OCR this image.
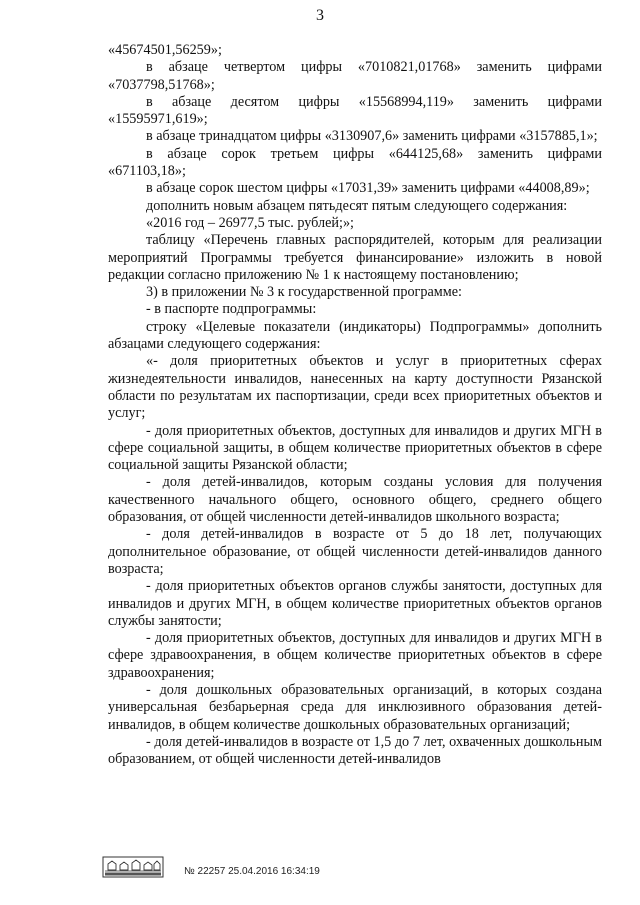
3

«45674501,56259»;

в абзаце четвертом цифры «7010821,01768» заменить цифрами «7037798,51768»;

в абзаце десятом цифры «15568994,119» заменить цифрами «15595971,619»;

в абзаце тринадцатом цифры «3130907,6» заменить цифрами «3157885,1»;

в абзаце сорок третьем цифры «644125,68» заменить цифрами «671103,18»;

в абзаце сорок шестом цифры «17031,39» заменить цифрами «44008,89»;

дополнить новым абзацем пятьдесят пятым следующего содержания:

«2016 год – 26977,5 тыс. рублей;»;

таблицу «Перечень главных распорядителей, которым для реализации мероприятий Программы требуется финансирование» изложить в новой редакции согласно приложению № 1 к настоящему постановлению;

3) в приложении № 3 к государственной программе:

- в паспорте подпрограммы:

строку «Целевые показатели (индикаторы) Подпрограммы» дополнить абзацами следующего содержания:

«- доля приоритетных объектов и услуг в приоритетных сферах жизнедеятельности инвалидов, нанесенных на карту доступности Рязанской области по результатам их паспортизации, среди всех приоритетных объектов и услуг;

- доля приоритетных объектов, доступных для инвалидов и других МГН в сфере социальной защиты, в общем количестве приоритетных объектов в сфере социальной защиты Рязанской области;

- доля детей-инвалидов, которым созданы условия для получения качественного начального общего, основного общего, среднего общего образования, от общей численности детей-инвалидов школьного возраста;

- доля детей-инвалидов в возрасте от 5 до 18 лет, получающих дополнительное образование, от общей численности детей-инвалидов данного возраста;

- доля приоритетных объектов органов службы занятости, доступных для инвалидов и других МГН, в общем количестве приоритетных объектов органов службы занятости;

- доля приоритетных объектов, доступных для инвалидов и других МГН в сфере здравоохранения, в общем количестве приоритетных объектов в сфере здравоохранения;

- доля дошкольных образовательных организаций, в которых создана универсальная безбарьерная среда для инклюзивного образования детей-инвалидов, в общем количестве дошкольных образовательных организаций;

- доля детей-инвалидов в возрасте от 1,5 до 7 лет, охваченных дошкольным образованием, от общей численности детей-инвалидов

№ 22257 25.04.2016 16:34:19
